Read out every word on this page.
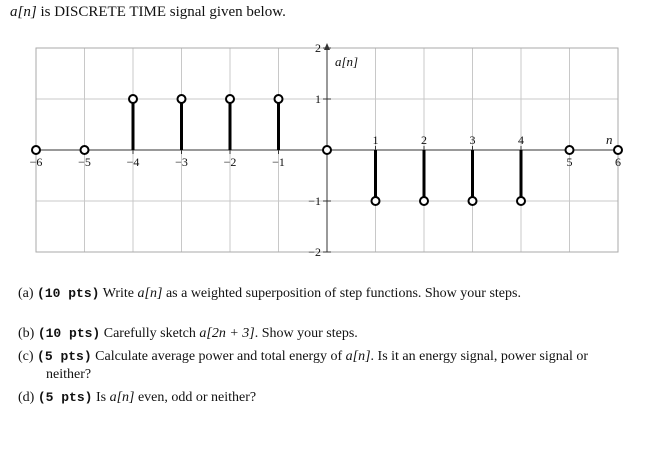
a[n] is DISCRETE TIME signal given below.
−6	−5	−4	−3	−2	−1
1	2	3	4
5	6
2
1
−1
−2
a[n]
n
(a) (10 pts) Write a[n] as a weighted superposition of step functions. Show your steps.
(b) (10 pts) Carefully sketch a[2n + 3]. Show your steps.
(c) (5 pts) Calculate average power and total energy of a[n]. Is it an energy signal, power signal or
neither?
(d) (5 pts) Is a[n] even, odd or neither?
